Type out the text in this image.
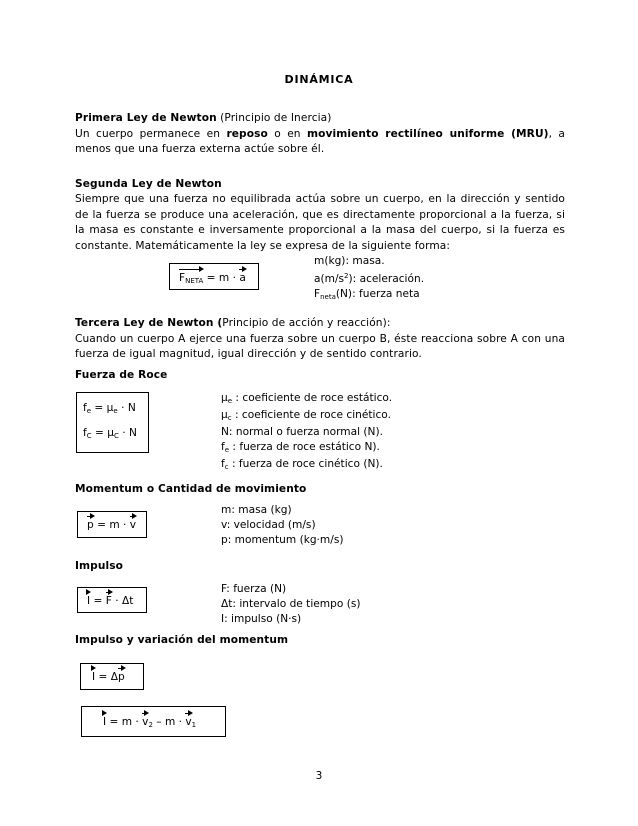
DINÁMICA
Primera Ley de Newton (Principio de Inercia)
Un cuerpo permanece en reposo o en movimiento rectilíneo uniforme (MRU), a menos que una fuerza externa actúe sobre él.
Segunda Ley de Newton
Siempre que una fuerza no equilibrada actúa sobre un cuerpo, en la dirección y sentido de la fuerza se produce una aceleración, que es directamente proporcional a la fuerza, si la masa es constante e inversamente proporcional a la masa del cuerpo, si la fuerza es constante. Matemáticamente la ley se expresa de la siguiente forma:
$F_{NETA} = m \cdot a$
m(kg): masa.
$a(m/s^2)$: aceleración.
$F_{neta}(N)$: fuerza neta
Tercera Ley de Newton (Principio de acción y reacción):
Cuando un cuerpo A ejerce una fuerza sobre un cuerpo B, éste reacciona sobre A con una fuerza de igual magnitud, igual dirección y de sentido contrario.
Fuerza de Roce
$f_e = \mu_e \cdot N$
$f_C = \mu_C \cdot N$
$\mu_e$ : coeficiente de roce estático.
$\mu_c$ : coeficiente de roce cinético.
N: normal o fuerza normal (N).
$f_e$ : fuerza de roce estático N).
$f_c$ : fuerza de roce cinético (N).
Momentum o Cantidad de movimiento
p = m · v
m: masa (kg)
v: velocidad (m/s)
p: momentum (kg·m/s)
Impulso
I = F · Δt
F: fuerza (N)
Δt: intervalo de tiempo (s)
I: impulso (N·s)
Impulso y variación del momentum
I = Δp
$I = m \cdot v_2 - m \cdot v_1$
3
